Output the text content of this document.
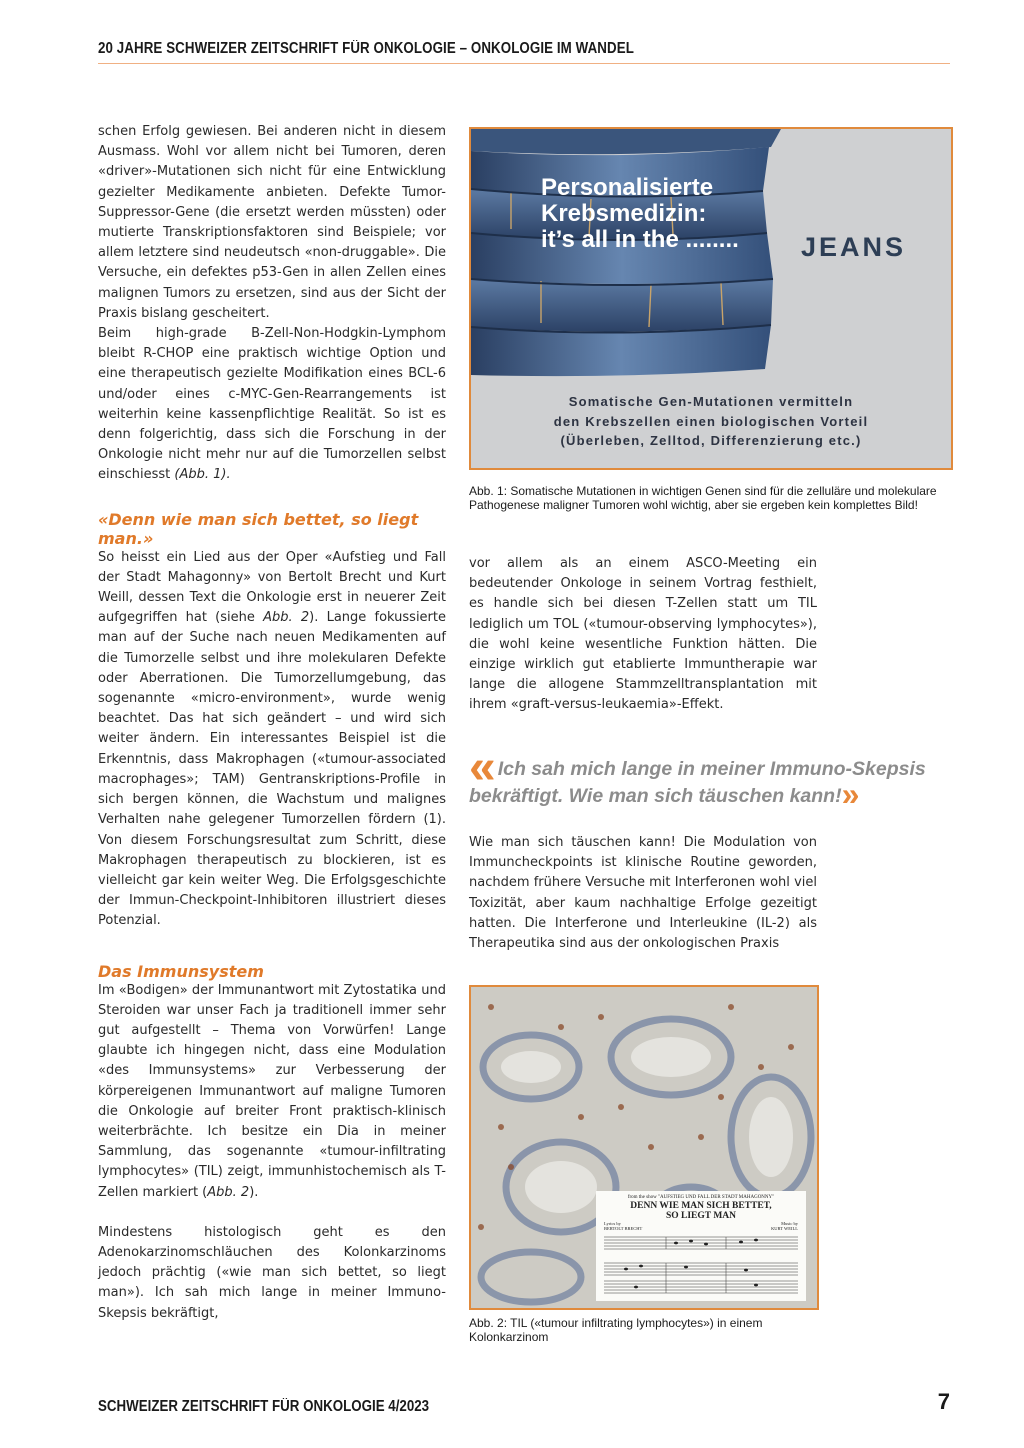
20 JAHRE SCHWEIZER ZEITSCHRIFT FÜR ONKOLOGIE – ONKOLOGIE IM WANDEL

schen Erfolg gewiesen. Bei anderen nicht in diesem Ausmass. Wohl vor allem nicht bei Tumoren, deren «driver»-Mutationen sich nicht für eine Entwicklung gezielter Medikamente anbieten. Defekte Tumor-Suppressor-Gene (die ersetzt werden müssten) oder mutierte Transkriptionsfaktoren sind Beispiele; vor allem letztere sind neudeutsch «non-druggable». Die Versuche, ein defektes p53-Gen in allen Zellen eines malignen Tumors zu ersetzen, sind aus der Sicht der Praxis bislang gescheitert.

Beim high-grade B-Zell-Non-Hodgkin-Lymphom bleibt R-CHOP eine praktisch wichtige Option und eine therapeutisch gezielte Modifikation eines BCL-6 und/oder eines c-MYC-Gen-Rearrangements ist weiterhin keine kassenpflichtige Realität. So ist es denn folgerichtig, dass sich die Forschung in der Onkologie nicht mehr nur auf die Tumorzellen selbst einschiesst (Abb. 1).

«Denn wie man sich bettet, so liegt man.»

So heisst ein Lied aus der Oper «Aufstieg und Fall der Stadt Mahagonny» von Bertolt Brecht und Kurt Weill, dessen Text die Onkologie erst in neuerer Zeit aufgegriffen hat (siehe Abb. 2). Lange fokussierte man auf der Suche nach neuen Medikamenten auf die Tumorzelle selbst und ihre molekularen Defekte oder Aberrationen. Die Tumorzellumgebung, das sogenannte «micro-environment», wurde wenig beachtet. Das hat sich geändert – und wird sich weiter ändern. Ein interessantes Beispiel ist die Erkenntnis, dass Makrophagen («tumour-associated macrophages»; TAM) Gentranskriptions-Profile in sich bergen können, die Wachstum und malignes Verhalten nahe gelegener Tumorzellen fördern (1). Von diesem Forschungsresultat zum Schritt, diese Makrophagen therapeutisch zu blockieren, ist es vielleicht gar kein weiter Weg. Die Erfolgsgeschichte der Immun-Checkpoint-Inhibitoren illustriert dieses Potenzial.

Das Immunsystem

Im «Bodigen» der Immunantwort mit Zytostatika und Steroiden war unser Fach ja traditionell immer sehr gut aufgestellt – Thema von Vorwürfen! Lange glaubte ich hingegen nicht, dass eine Modulation «des Immunsystems» zur Verbesserung der körpereigenen Immunantwort auf maligne Tumoren die Onkologie auf breiter Front praktisch-klinisch weiterbrächte. Ich besitze ein Dia in meiner Sammlung, das sogenannte «tumour-infiltrating lymphocytes» (TIL) zeigt, immunhistochemisch als T-Zellen markiert (Abb. 2).

Mindestens histologisch geht es den Adenokarzinomschläuchen des Kolonkarzinoms jedoch prächtig («wie man sich bettet, so liegt man»). Ich sah mich lange in meiner Immuno-Skepsis bekräftigt,

Personalisierte
Krebsmedizin:
it’s all in the ........ JEANS
Somatische Gen-Mutationen vermitteln
den Krebszellen einen biologischen Vorteil
(Überleben, Zelltod, Differenzierung etc.)
Abb. 1: Somatische Mutationen in wichtigen Genen sind für die zelluläre und molekulare Pathogenese maligner Tumoren wohl wichtig, aber sie ergeben kein komplettes Bild!

vor allem als an einem ASCO-Meeting ein bedeutender Onkologe in seinem Vortrag festhielt, es handle sich bei diesen T-Zellen statt um TIL lediglich um TOL («tumour-observing lymphocytes»), die wohl keine wesentliche Funktion hätten. Die einzige wirklich gut etablierte Immuntherapie war lange die allogene Stammzelltransplantation mit ihrem «graft-versus-leukaemia»-Effekt.

« Ich sah mich lange in meiner Immuno-Skepsis bekräftigt. Wie man sich täuschen kann!»

Wie man sich täuschen kann! Die Modulation von Immuncheckpoints ist klinische Routine geworden, nachdem frühere Versuche mit Interferonen wohl viel Toxizität, aber kaum nachhaltige Erfolge gezeitigt hatten. Die Interferone und Interleukine (IL-2) als Therapeutika sind aus der onkologischen Praxis

from the show "AUFSTIEG UND FALL DER STADT MAHAGONNY"
DENN WIE MAN SICH BETTET,
SO LIEGT MAN
Lyrics by
BERTOLT BRECHT
Music by
KURT WEILL
Abb. 2: TIL («tumour infiltrating lymphocytes») in einem Kolonkarzinom
SCHWEIZER ZEITSCHRIFT FÜR ONKOLOGIE 4/2023	7
